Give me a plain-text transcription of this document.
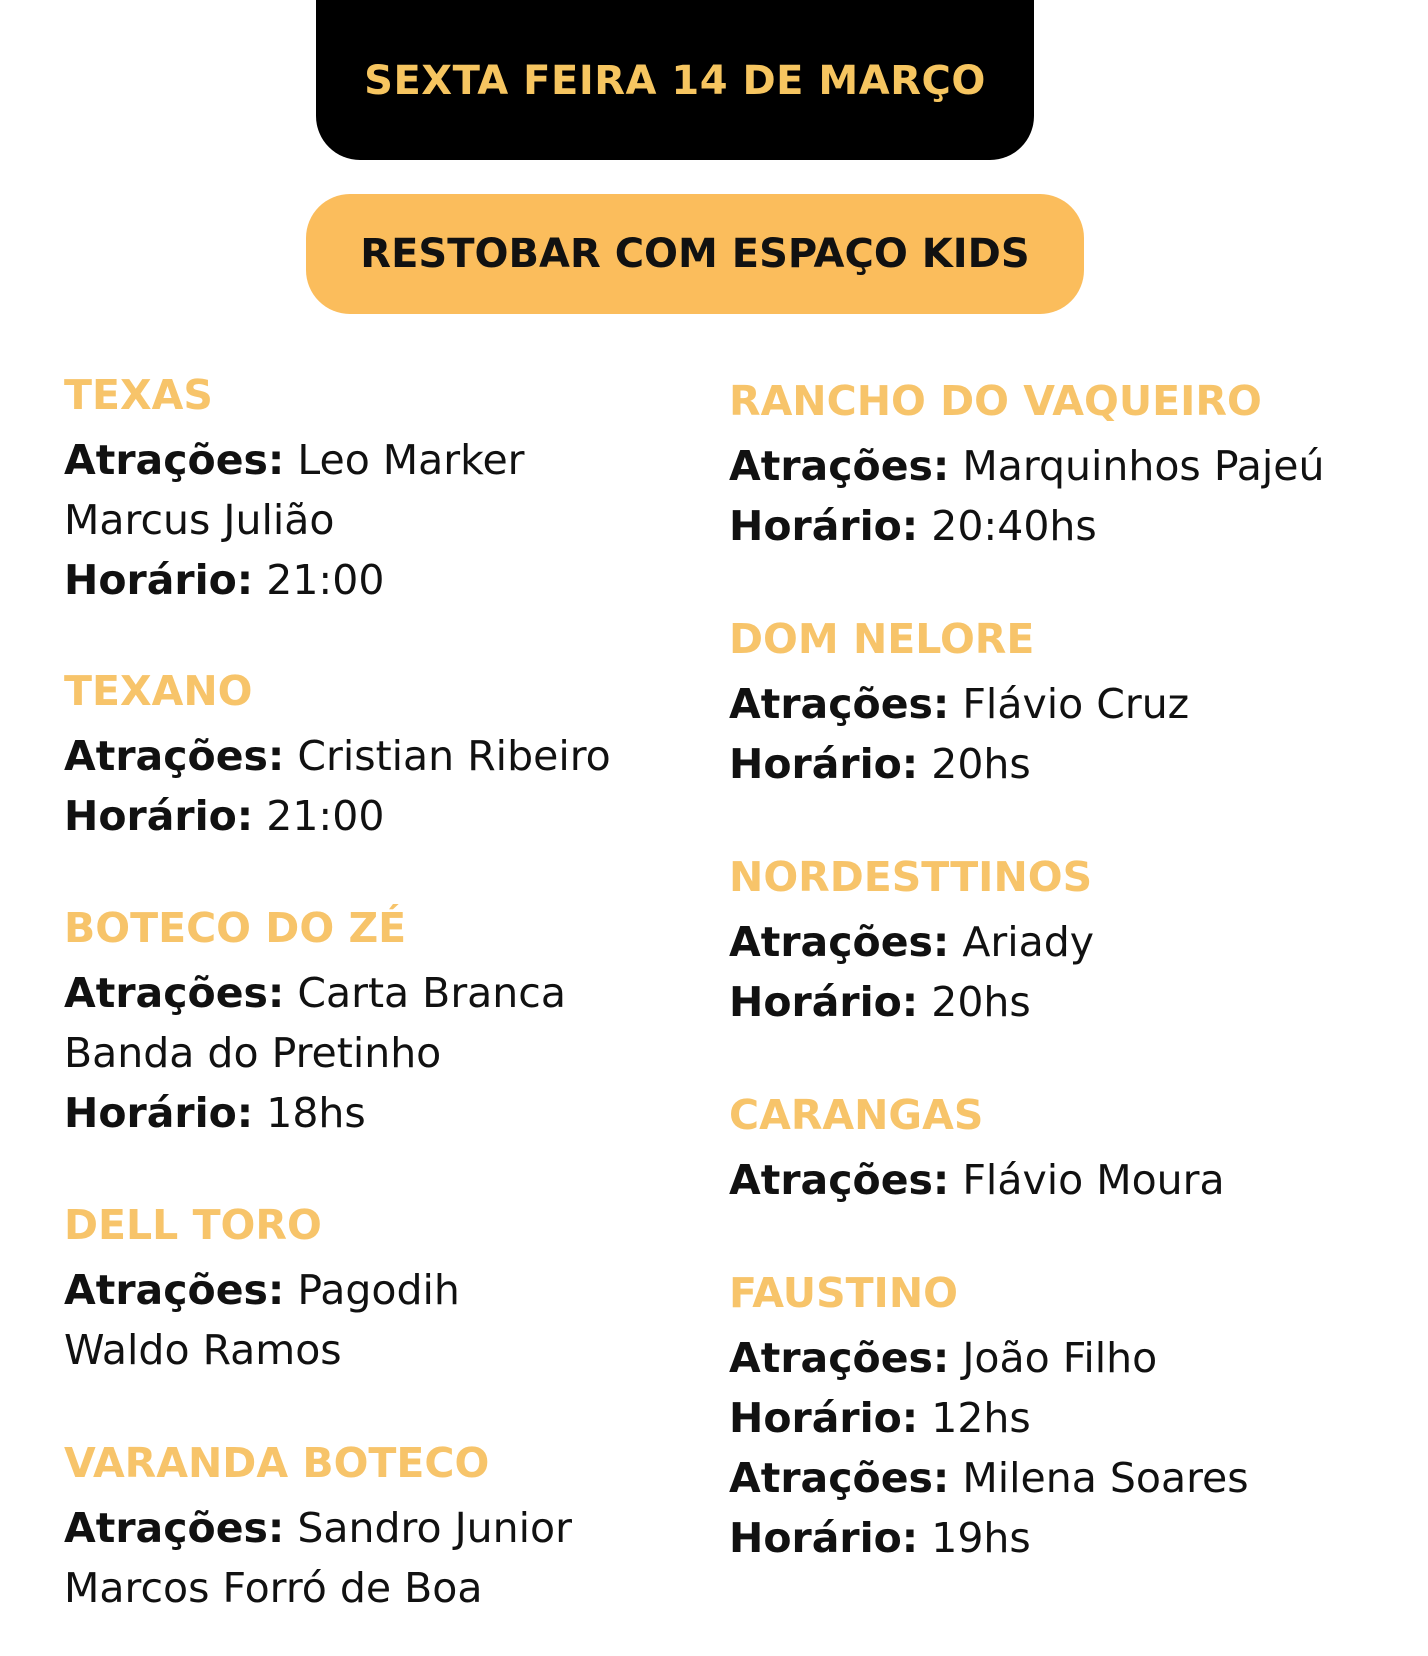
SEXTA FEIRA 14 DE MARÇO
RESTOBAR COM ESPAÇO KIDS
TEXAS
Atrações: Leo Marker
Marcus Julião
Horário: 21:00
TEXANO
Atrações: Cristian Ribeiro
Horário: 21:00
BOTECO DO ZÉ
Atrações: Carta Branca
Banda do Pretinho
Horário: 18hs
DELL TORO
Atrações: Pagodih
Waldo Ramos
VARANDA BOTECO
Atrações: Sandro Junior
Marcos Forró de Boa
RANCHO DO VAQUEIRO
Atrações: Marquinhos Pajeú
Horário: 20:40hs
DOM NELORE
Atrações: Flávio Cruz
Horário: 20hs
NORDESTTINOS
Atrações: Ariady
Horário: 20hs
CARANGAS
Atrações: Flávio Moura
FAUSTINO
Atrações: João Filho
Horário: 12hs
Atrações: Milena Soares
Horário: 19hs
